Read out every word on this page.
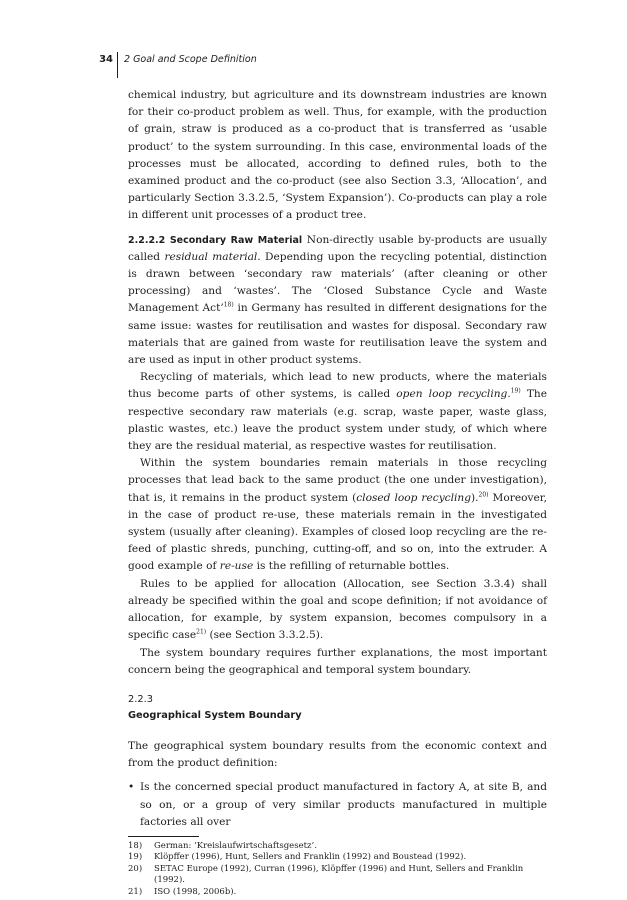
34 2 Goal and Scope Definition

chemical industry, but agriculture and its downstream industries are known for their co-product problem as well. Thus, for example, with the production of grain, straw is produced as a co-product that is transferred as ‘usable product’ to the system surrounding. In this case, environmental loads of the processes must be allocated, according to defined rules, both to the examined product and the co-product (see also Section 3.3, ‘Allocation’, and particularly Section 3.3.2.5, ‘System Expansion’). Co-products can play a role in different unit processes of a product tree.

2.2.2.2 Secondary Raw Material Non-directly usable by-products are usually called residual material. Depending upon the recycling potential, distinction is drawn between ‘secondary raw materials’ (after cleaning or other processing) and ‘wastes’. The ‘Closed Substance Cycle and Waste Management Act’$^{18)}$ in Germany has resulted in different designations for the same issue: wastes for reutilisation and wastes for disposal. Secondary raw materials that are gained from waste for reutilisation leave the system and are used as input in other product systems.

Recycling of materials, which lead to new products, where the materials thus become parts of other systems, is called open loop recycling.$^{19)}$ The respective secondary raw materials (e.g. scrap, waste paper, waste glass, plastic wastes, etc.) leave the product system under study, of which where they are the residual material, as respective wastes for reutilisation.

Within the system boundaries remain materials in those recycling processes that lead back to the same product (the one under investigation), that is, it remains in the product system (closed loop recycling).$^{20)}$ Moreover, in the case of product re-use, these materials remain in the investigated system (usually after cleaning). Examples of closed loop recycling are the re-feed of plastic shreds, punching, cutting-off, and so on, into the extruder. A good example of re-use is the refilling of returnable bottles.

Rules to be applied for allocation (Allocation, see Section 3.3.4) shall already be specified within the goal and scope definition; if not avoidance of allocation, for example, by system expansion, becomes compulsory in a specific case$^{21)}$ (see Section 3.3.2.5).

The system boundary requires further explanations, the most important concern being the geographical and temporal system boundary.

2.2.3
Geographical System Boundary

The geographical system boundary results from the economic context and from the product definition:

• Is the concerned special product manufactured in factory A, at site B, and so on, or a group of very similar products manufactured in multiple factories all over

18)	German: ‘Kreislaufwirtschaftsgesetz’.
19)	Klöpffer (1996), Hunt, Sellers and Franklin (1992) and Boustead (1992).
20)	SETAC Europe (1992), Curran (1996), Klöpffer (1996) and Hunt, Sellers and Franklin (1992).
21)	ISO (1998, 2006b).
